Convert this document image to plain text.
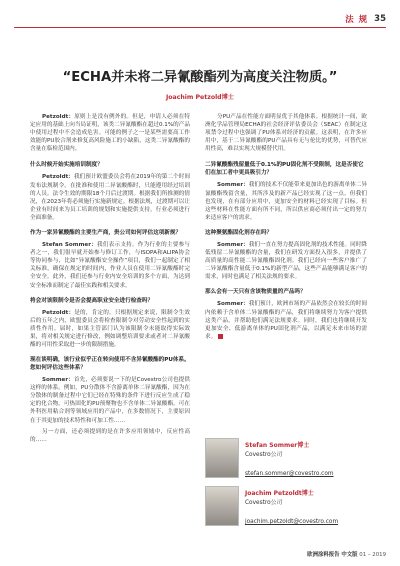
法 规 35
“ECHA并未将二异氰酸酯列为高度关注物质。”
Joachim Petzold博士

Petzoldt：原则上是没有例外的。但是，申请人必须在特定应用的基础上向当局证明，该类二异氰酸酯在超过0.1%的产品中使用过程中不会造成危害。可能的例子之一是某些需要高工作效能的PU胶合剂来修复高风险施工的小缺陷，这类二异氰酸酯的含量在临检范围内。

什么时候开始实施培训制度？

Petzoldt：我们预计欧盟委员会将在2019年的第二个时间发布法规制令。在批准和使用二异氰酸酯时，只能遵用经过培训的人员。法令生效的期限18个月后过渡期。根据我们所推测的情况，在2023年将必须施行实施新规定。根据法规，过渡期可以让企业有时间来为员工培训的规划和实施提供支持，行业必须进行全面准备。

作为一家异氰酸酯的主要生产商，贵公司如何评估这项新规？

Stefan Sommer：我们表示支持。作为行业的主要参与者之一，我们很早就开始参与修订工作，与ISOPA和ALIPA协会等协同参与，比如“异氰酸酯安全操作”项目，我们一起制定了相关标准，确保在规定的时间内，作业人员在使用二异氰酸酯时完全安全。此外，我们还参与行业内安全培训的多个方面，为达到安全标准而制定了最佳实践和相关要求。

将会对该限制令是否会提高职业安全进行检查吗？

Petzoldt：是的，肯定的。只根据规定来说，限制令生效后的五年之内，欧盟委员会将检查限制令对劳动安全性起到的实质性作用。届时，如果主管部门认为该限制令未能取得实际效果，将对相关规定进行修改，例如调整培训要求或者对二异氰酸酯的可用性采取进一步的限制措施。

现在谈明确，该行业似乎正在转向使用不含异氰酸酯的PU体系。您如何评估这些体系？

Sommer：首先，必须要说一下的是Covestro公司也提供这样的体系。例如，PU分散体不含游离单体二异氰酸酯，因为在分散体的制备过程中它们已经在特殊的条件下进行反应生成了稳定的化合物。可热固化的PU预聚物也不含单体二异氰酸酯。可在外科医用粘合剂等领域应用的产品中，在多数情况下，主要原因在于其更加的技术特性和可加工性……

另一方面，还必须提到的是在许多应用领域中，反应性高的……

分PU产品在性能方面明显优于其他体系。根据统计一间，欧洲化学品管理局ECHA的社会经济评估委员会（SEAC）在制定这项禁令过程中也强调了PU体系对经济的贡献。这表明，在许多应用中，基于二异氰酸酯的PU产品具有无与伦比的优势，可替代应用性高，难以实现大规模替代用。

二异氰酸酯残留量低于0.1%的PU固化剂不受限制，这是否使它们在加工者中更具吸引力？

Sommer：我们的技术不仅能带来更加出色的游离单体二异氰酸酯残留含量，其所涉及的新产品已经实现了这一点。但我们也发现，在有部分应用中，更加安全的材料已经实现了目标。但这些材料在性能方面有所不同，所以供应商必须付出一定的努力来适应客户的需求。

这种聚氨酯固化剂存在吗？

Sommer：我们一直在努力提高固化剂的技术性能。同时降低残留二异氰酸酯的含量，我们在研发方面投入很多，并提供了高质量的高性能二异氰酸酯固化剂。我们已经向一些客户推广了二异氰酸酯含量低于0.1%的新型产品，这些产品能够满足客户的需求，同时也满足了相关法规的要求。

那么会有一天只有含该物质量的产品吗？

Sommer：我们预计，欧洲市场的产品依然会在较长的时间内依赖于含单体二异氰酸酯的产品，我们将继续努力为客户提供这类产品，并帮助他们满足法规要求。同时，我们也将继续开发更加安全、低游离单体的PU固化剂产品，以满足未来市场的需求。

Stefan Sommer博士
Covestro公司
stefan.sommer@covestro.com
Joachim Petzoldt博士
Covestro公司
joachim.petzoldt@covestro.com
欧洲涂料报告 中文版 01 – 2019
